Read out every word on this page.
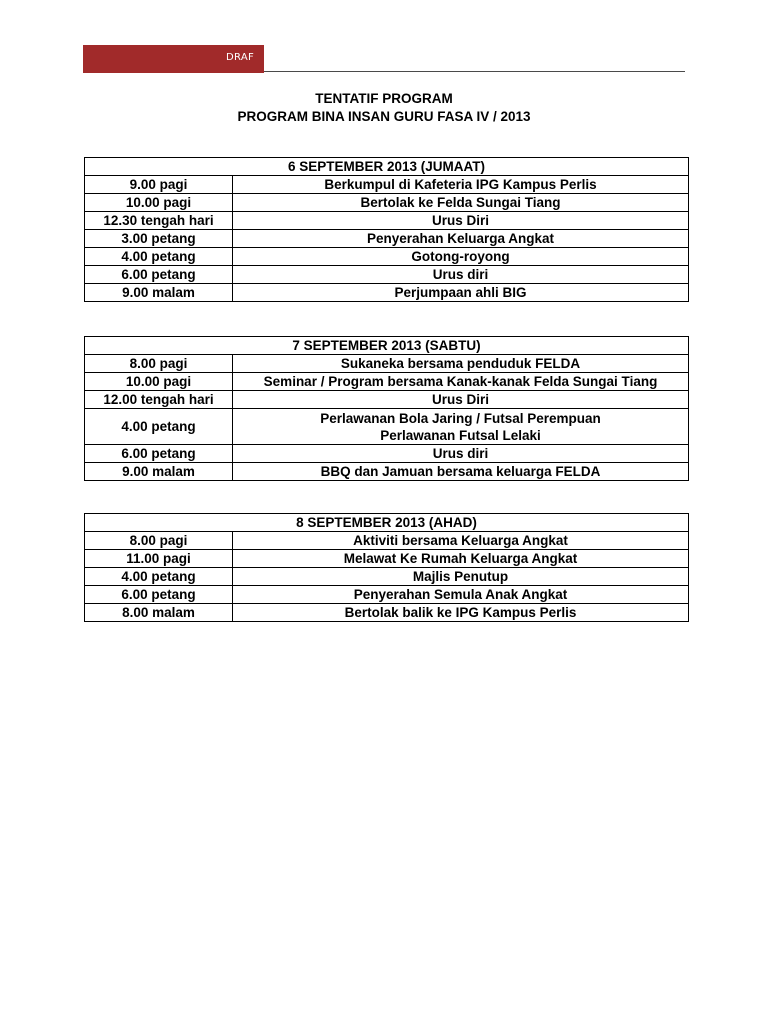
DRAF
TENTATIF PROGRAM
PROGRAM BINA INSAN GURU FASA IV / 2013
6 SEPTEMBER 2013 (JUMAAT)	
9.00 pagi	Berkumpul di Kafeteria IPG Kampus Perlis
10.00 pagi	Bertolak ke Felda Sungai Tiang
12.30 tengah hari	Urus Diri
3.00 petang	Penyerahan Keluarga Angkat
4.00 petang	Gotong-royong
6.00 petang	Urus diri
9.00 malam	Perjumpaan ahli BIG
7 SEPTEMBER 2013 (SABTU)	
8.00 pagi	Sukaneka bersama penduduk FELDA
10.00 pagi	Seminar / Program bersama Kanak-kanak Felda Sungai Tiang
12.00 tengah hari	Urus Diri
4.00 petang	Perlawanan Bola Jaring / Futsal Perempuan
Perlawanan Futsal Lelaki

6.00 petang	Urus diri
9.00 malam	BBQ dan Jamuan bersama keluarga FELDA
8 SEPTEMBER 2013 (AHAD)	
8.00 pagi	Aktiviti bersama Keluarga Angkat
11.00 pagi	Melawat Ke Rumah Keluarga Angkat
4.00 petang	Majlis Penutup
6.00 petang	Penyerahan Semula Anak Angkat
8.00 malam	Bertolak balik ke IPG Kampus Perlis
